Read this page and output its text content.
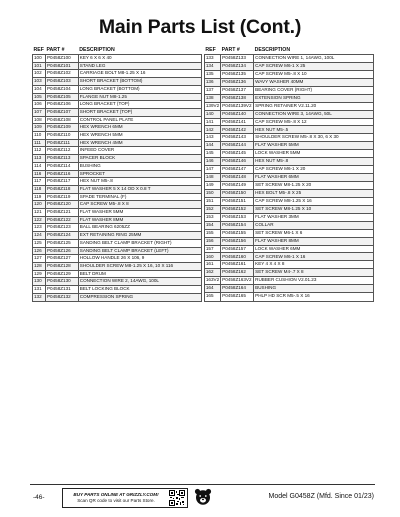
Main Parts List (Cont.)
REF	PART #	DESCRIPTION
100	P0458Z100	KEY 6 X 6 X 40
101	P0458Z101	STAND LEG
102	P0458Z102	CARRIAGE BOLT M8-1.25 X 16
103	P0458Z103	SHORT BRACKET (BOTTOM)
104	P0458Z104	LONG BRACKET (BOTTOM)
105	P0458Z105	FLANGE NUT M8-1.25
106	P0458Z106	LONG BRACKET (TOP)
107	P0458Z107	SHORT BRACKET (TOP)
108	P0458Z108	CONTROL PANEL PLATE
109	P0458Z109	HEX WRENCH 6MM
110	P0458Z110	HEX WRENCH 5MM
111	P0458Z111	HEX WRENCH 4MM
112	P0458Z112	INFEED COVER
113	P0458Z113	SPACER BLOCK
114	P0458Z114	BUSHING
116	P0458Z116	SPROCKET
117	P0458Z117	HEX NUT M5-.8
118	P0458Z118	FLAT WASHER 5 X 14 OD X 0.8 T
119	P0458Z119	SPADE TERMINAL (F)
120	P0458Z120	CAP SCREW M5-.8 X 8
121	P0458Z121	FLAT WASHER 5MM
122	P0458Z122	FLAT WASHER 8MM
123	P0458Z123	BALL BEARING 6205ZZ
124	P0458Z124	EXT RETAINING RING 25MM
125	P0458Z125	SANDING BELT CLAMP BRACKET (RIGHT)
126	P0458Z126	SANDING BELT CLAMP BRACKET (LEFT)
127	P0458Z127	HOLLOW HANDLE 26 X 106, 9
128	P0458Z128	SHOULDER SCREW M8-1.25 X 16, 10 X 116
129	P0458Z129	BELT DRUM
130	P0458Z130	CONNECTION WIRE 2, 14AWG, 100L
131	P0458Z131	BELT LOCKING BLOCK
132	P0458Z132	COMPRESSION SPRING
REF	PART #	DESCRIPTION
133	P0458Z133	CONNECTION WIRE 1, 14AWG, 100L
134	P0458Z134	CAP SCREW M6-1 X 25
135	P0458Z135	CAP SCREW M5-.8 X 10
136	P0458Z136	WAVY WASHER 40MM
137	P0458Z137	BEARING COVER (RIGHT)
138	P0458Z138	EXTENSION SPRING
139V2	P0458Z139V2	SPRING RETAINER V2.11.20
140	P0458Z140	CONNECTION WIRE 3, 14AWG, 50L
141	P0458Z141	CAP SCREW M5-.8 X 12
142	P0458Z142	HEX NUT M5-.5
143	P0458Z143	SHOULDER SCREW M5-.8 X 30, 6 X 30
144	P0458Z144	FLAT WASHER 5MM
145	P0458Z145	LOCK WASHER 5MM
146	P0458Z146	HEX NUT M5-.8
147	P0458Z147	CAP SCREW M6-1 X 20
148	P0458Z148	FLAT WASHER 6MM
149	P0458Z149	SET SCREW M8-1.25 X 20
150	P0458Z150	HEX BOLT M5-.8 X 25
151	P0458Z151	CAP SCREW M8-1.25 X 16
152	P0458Z152	SET SCREW M8-1.25 X 10
153	P0458Z153	FLAT WASHER 3MM
154	P0458Z154	COLLAR
155	P0458Z155	SET SCREW M6-1 X 6
156	P0458Z156	FLAT WASHER 8MM
157	P0458Z157	LOCK WASHER 6MM
160	P0458Z160	CAP SCREW M6-1 X 16
161	P0458Z161	KEY 4 X 4 X 8
162	P0458Z162	SET SCREW M4-.7 X 8
163V2	P0458Z163V2	RUBBER CUSHION V2.01.23
164	P0458Z164	BUSHING
165	P0458Z165	PHLP HD SCR M5-.5 X 16
-46-	BUY PARTS ONLINE AT GRIZZLY.COM!
Scan QR code to visit our Parts Store.
Model G0458Z (Mfd. Since 01/23)
